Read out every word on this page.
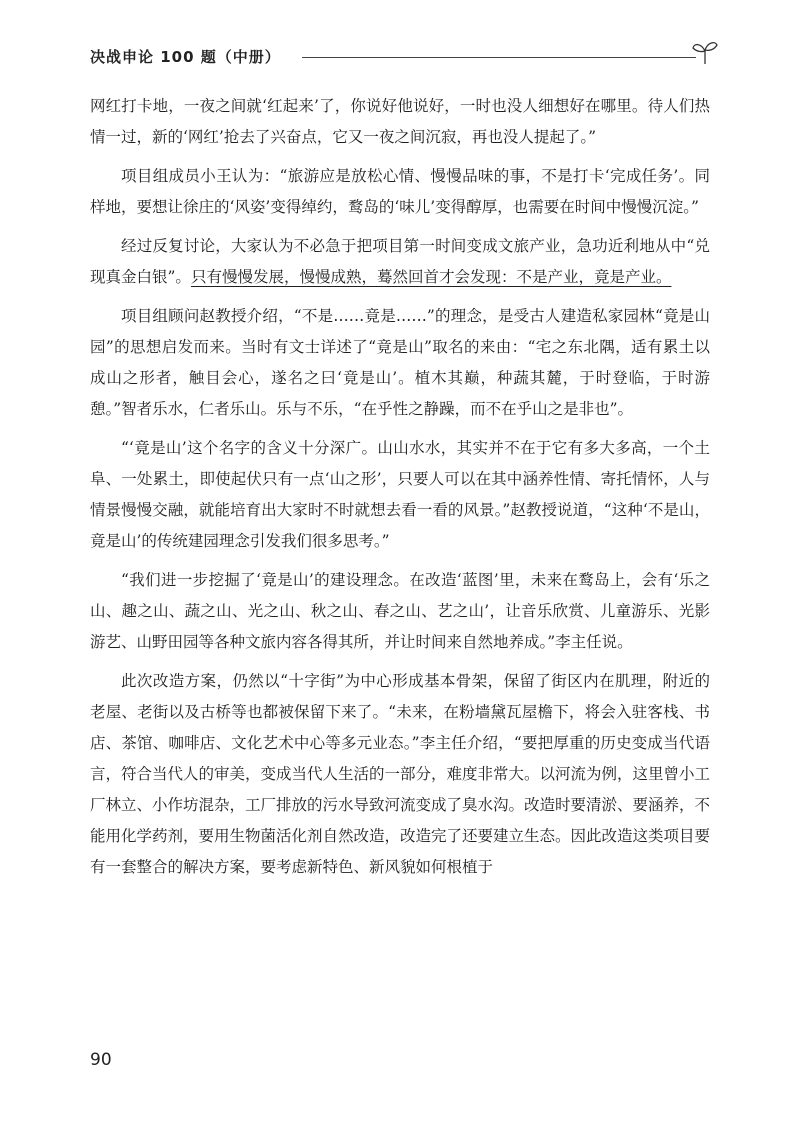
决战申论 100 题（中册）

网红打卡地，一夜之间就‘红起来’了，你说好他说好，一时也没人细想好在哪里。待人们热情一过，新的‘网红’抢去了兴奋点，它又一夜之间沉寂，再也没人提起了。”

项目组成员小王认为：“旅游应是放松心情、慢慢品味的事，不是打卡‘完成任务’。同样地，要想让徐庄的‘风姿’变得绰约，鹜岛的‘味儿’变得醇厚，也需要在时间中慢慢沉淀。”

经过反复讨论，大家认为不必急于把项目第一时间变成文旅产业，急功近利地从中“兑现真金白银”。只有慢慢发展，慢慢成熟，蓦然回首才会发现：不是产业，竟是产业。

项目组顾问赵教授介绍，“不是……竟是……”的理念，是受古人建造私家园林“竟是山园”的思想启发而来。当时有文士详述了“竟是山”取名的来由：“宅之东北隅，适有累土以成山之形者，触目会心，遂名之曰‘竟是山’。植木其巅，种蔬其麓，于时登临，于时游憩。”智者乐水，仁者乐山。乐与不乐，“在乎性之静躁，而不在乎山之是非也”。

“‘竟是山’这个名字的含义十分深广。山山水水，其实并不在于它有多大多高，一个土阜、一处累土，即使起伏只有一点‘山之形’，只要人可以在其中涵养性情、寄托情怀，人与情景慢慢交融，就能培育出大家时不时就想去看一看的风景。”赵教授说道，“这种‘不是山，竟是山’的传统建园理念引发我们很多思考。”

“我们进一步挖掘了‘竟是山’的建设理念。在改造‘蓝图’里，未来在鹜岛上，会有‘乐之山、趣之山、蔬之山、光之山、秋之山、春之山、艺之山’，让音乐欣赏、儿童游乐、光影游艺、山野田园等各种文旅内容各得其所，并让时间来自然地养成。”李主任说。

此次改造方案，仍然以“十字街”为中心形成基本骨架，保留了街区内在肌理，附近的老屋、老街以及古桥等也都被保留下来了。“未来，在粉墙黛瓦屋檐下，将会入驻客栈、书店、茶馆、咖啡店、文化艺术中心等多元业态。”李主任介绍，“要把厚重的历史变成当代语言，符合当代人的审美，变成当代人生活的一部分，难度非常大。以河流为例，这里曾小工厂林立、小作坊混杂，工厂排放的污水导致河流变成了臭水沟。改造时要清淤、要涵养，不能用化学药剂，要用生物菌活化剂自然改造，改造完了还要建立生态。因此改造这类项目要有一套整合的解决方案，要考虑新特色、新风貌如何根植于

90
